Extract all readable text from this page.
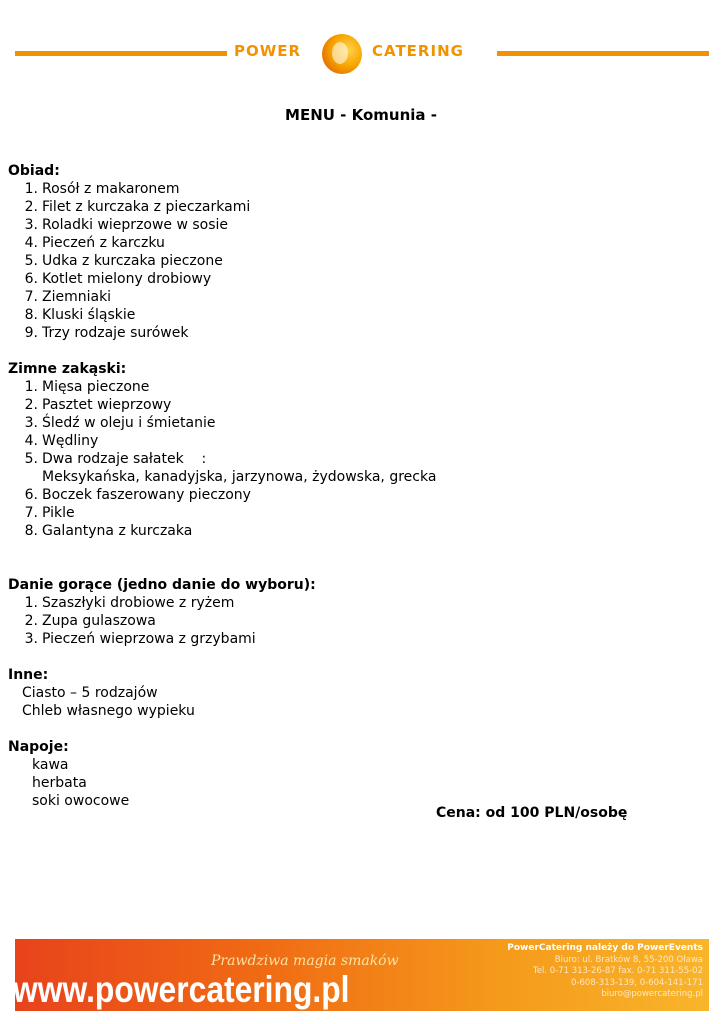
POWER	CATERING
MENU - Komunia -
Obiad:
1. Rosół z makaronem
2. Filet z kurczaka z pieczarkami
3. Roladki wieprzowe w sosie
4. Pieczeń z karczku
5. Udka z kurczaka pieczone
6. Kotlet mielony drobiowy
7. Ziemniaki
8. Kluski śląskie
9. Trzy rodzaje surówek
Zimne zakąski:
1. Mięsa pieczone
2. Pasztet wieprzowy
3. Śledź w oleju i śmietanie
4. Wędliny
5. Dwa rodzaje sałatek    :
Meksykańska, kanadyjska, jarzynowa, żydowska, grecka
6. Boczek faszerowany pieczony
7. Pikle
8. Galantyna z kurczaka
Danie gorące (jedno danie do wyboru):
1. Szaszłyki drobiowe z ryżem
2. Zupa gulaszowa
3. Pieczeń wieprzowa z grzybami
Inne:
Ciasto – 5 rodzajów
Chleb własnego wypieku
Napoje:
kawa
herbata
soki owocowe
Cena: od 100 PLN/osobę
Prawdziwa magia smaków
www.powercatering.pl
PowerCatering należy do PowerEvents
Biuro: ul. Bratków 8, 55-200 Oława
Tel. 0-71 313-26-87 fax. 0-71 311-55-02
0-608-313-139, 0-604-141-171
biuro@powercatering.pl
